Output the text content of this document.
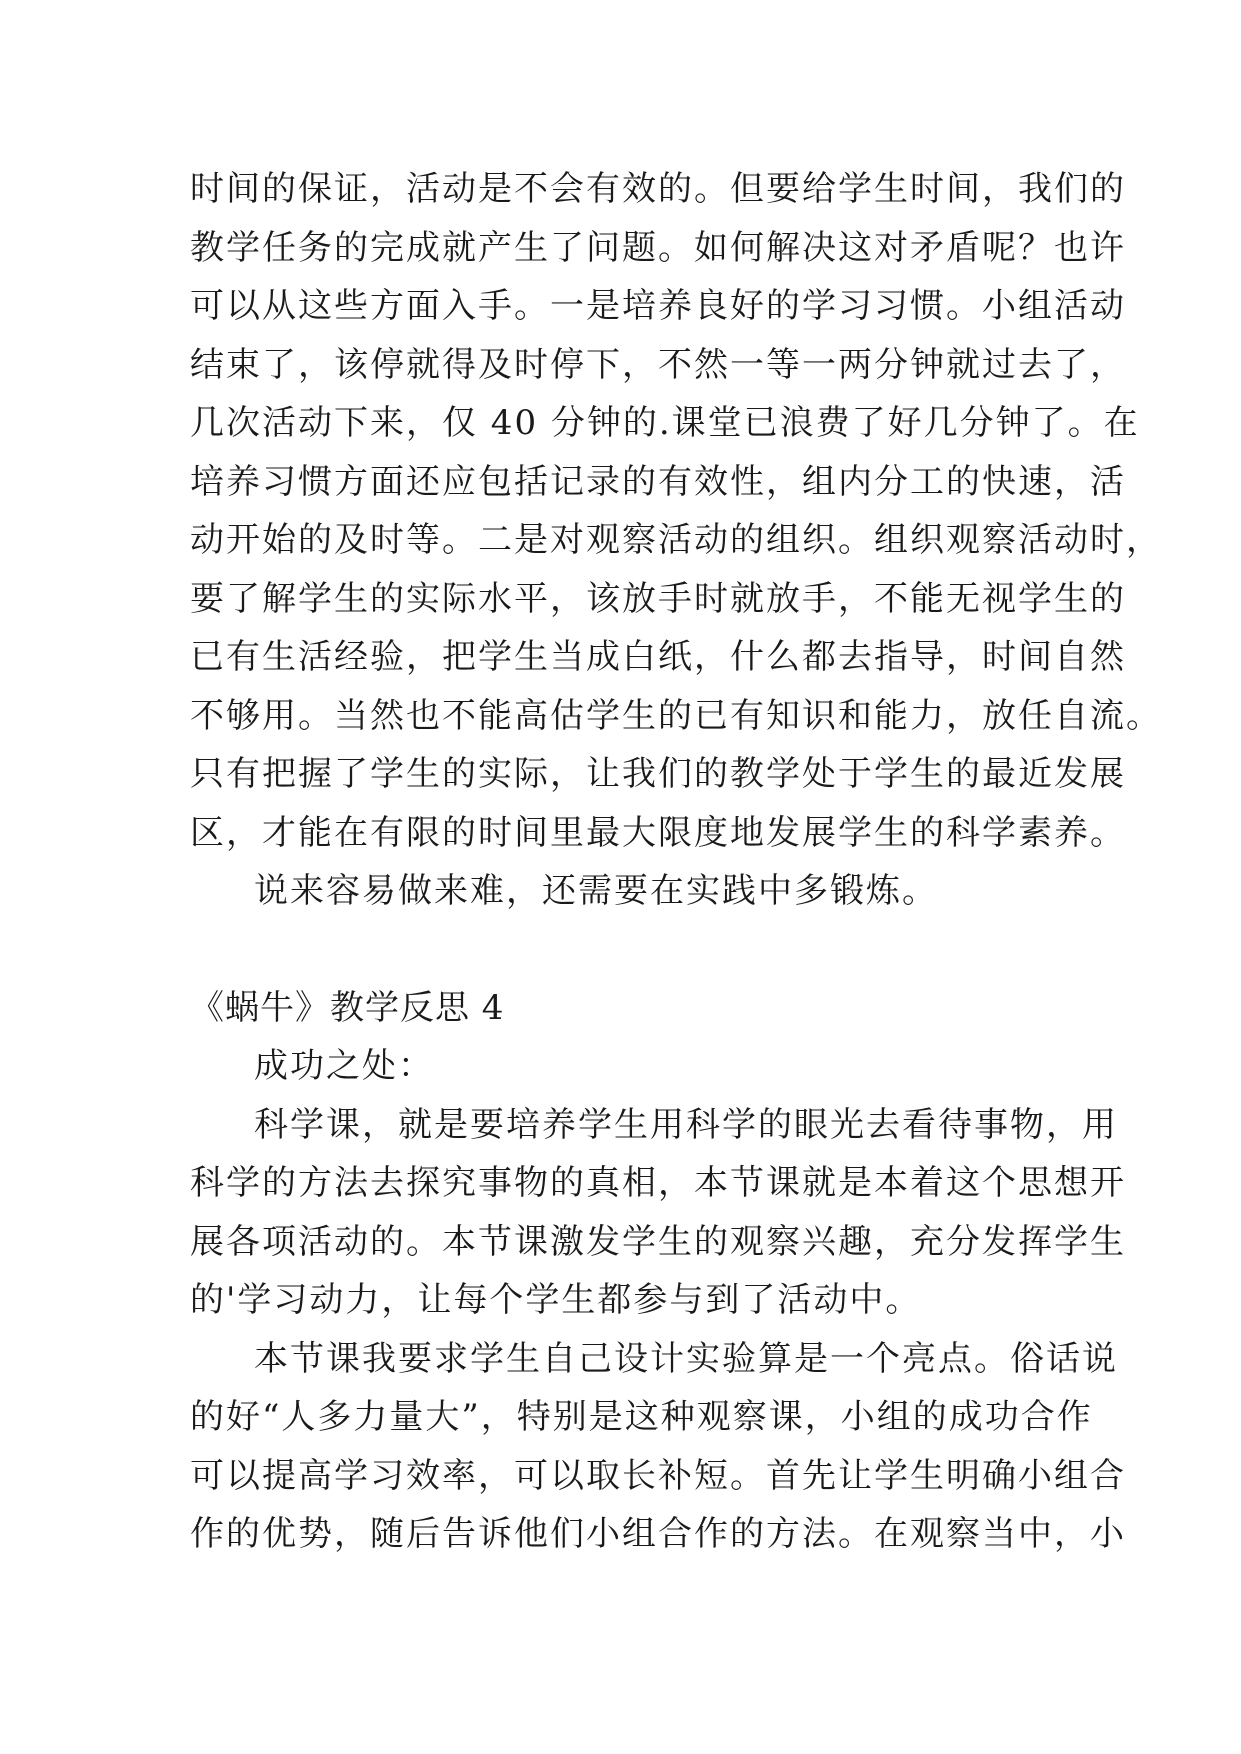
时间的保证，活动是不会有效的。但要给学生时间，我们的
教学任务的完成就产生了问题。如何解决这对矛盾呢？也许
可以从这些方面入手。一是培养良好的学习习惯。小组活动
结束了，该停就得及时停下，不然一等一两分钟就过去了，
几次活动下来，仅 40 分钟的.课堂已浪费了好几分钟了。在
培养习惯方面还应包括记录的有效性，组内分工的快速，活
动开始的及时等。二是对观察活动的组织。组织观察活动时，
要了解学生的实际水平，该放手时就放手，不能无视学生的
已有生活经验，把学生当成白纸，什么都去指导，时间自然
不够用。当然也不能高估学生的已有知识和能力，放任自流。
只有把握了学生的实际，让我们的教学处于学生的最近发展
区，才能在有限的时间里最大限度地发展学生的科学素养。
说来容易做来难，还需要在实践中多锻炼。
《蜗牛》教学反思 4
成功之处：
科学课，就是要培养学生用科学的眼光去看待事物，用
科学的方法去探究事物的真相，本节课就是本着这个思想开
展各项活动的。本节课激发学生的观察兴趣，充分发挥学生
的'学习动力，让每个学生都参与到了活动中。
本节课我要求学生自己设计实验算是一个亮点。俗话说
的好“人多力量大”，特别是这种观察课，小组的成功合作
可以提高学习效率，可以取长补短。首先让学生明确小组合
作的优势，随后告诉他们小组合作的方法。在观察当中，小
